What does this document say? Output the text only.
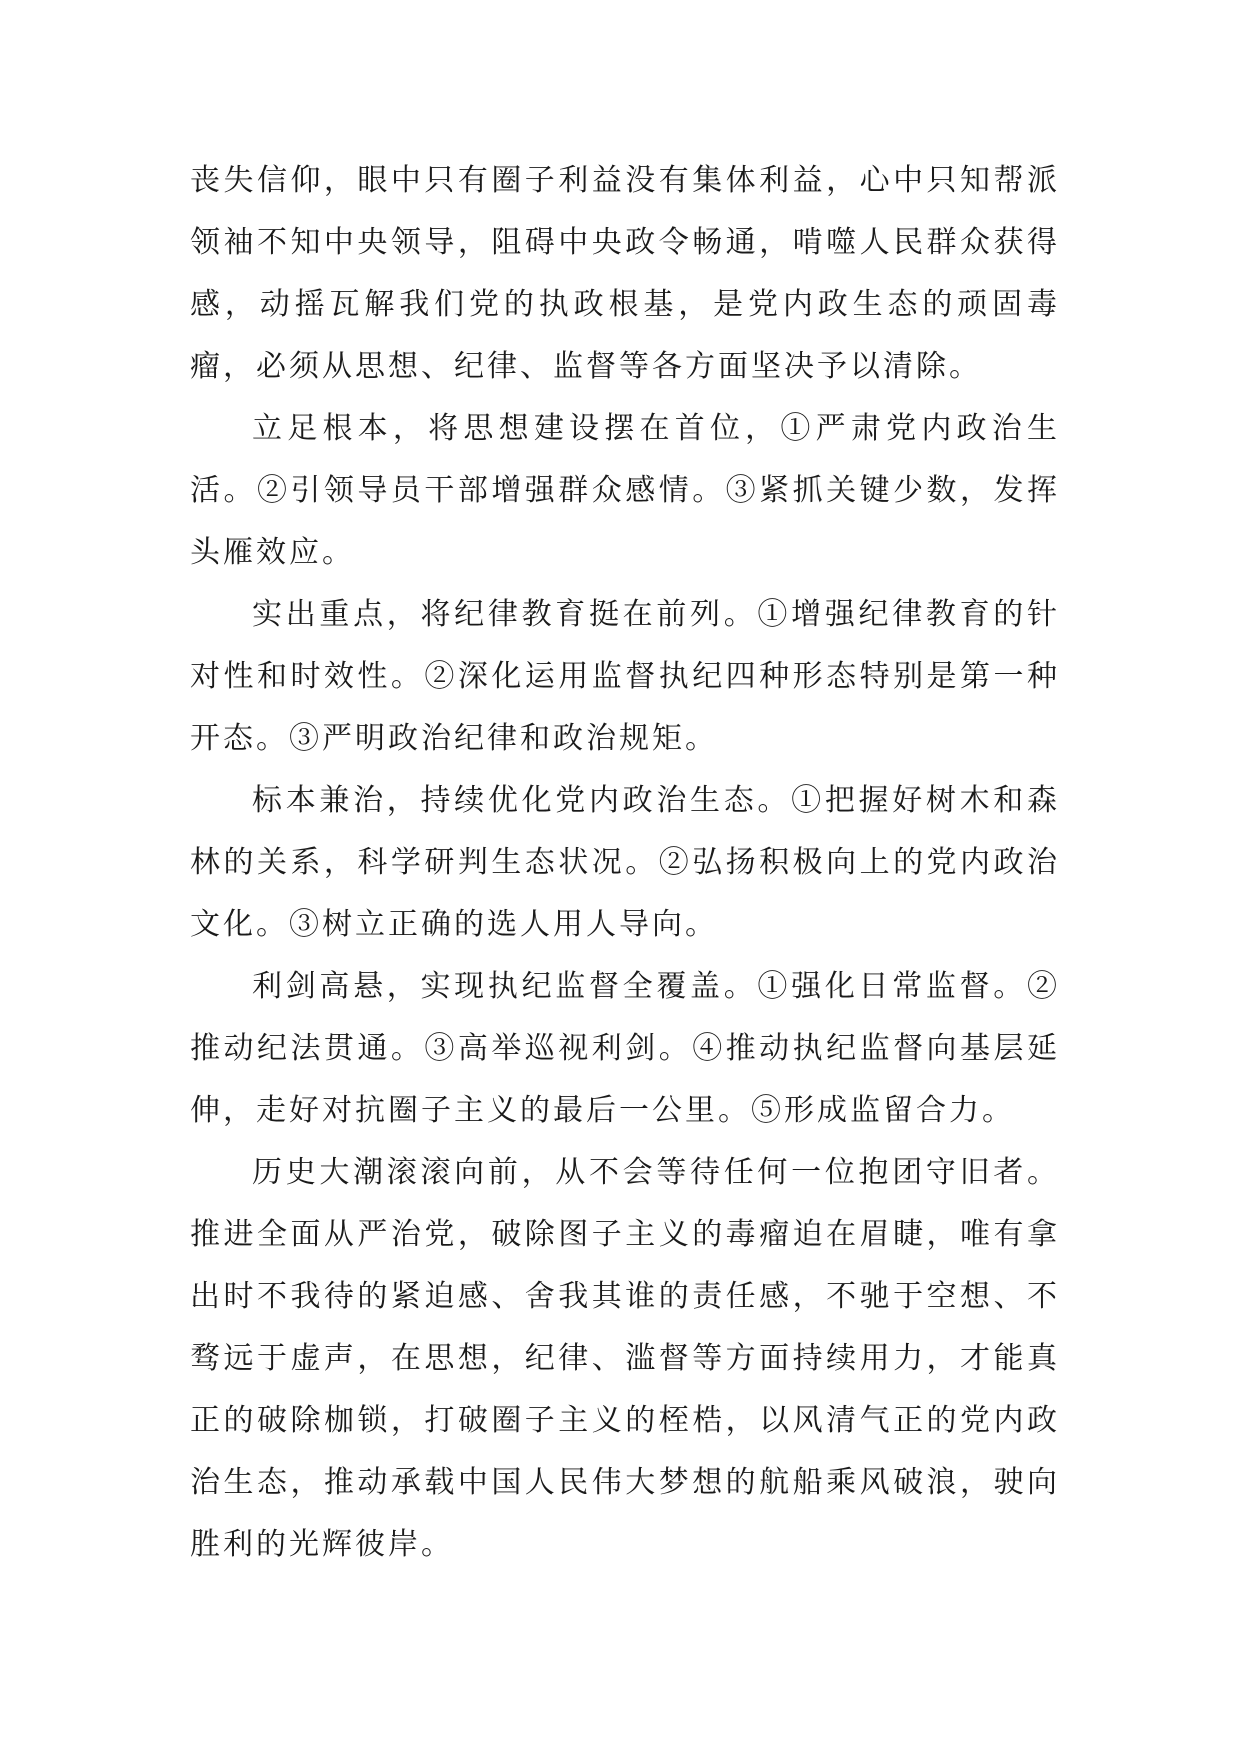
丧失信仰，眼中只有圈子利益没有集体利益，心中只知帮派领袖不知中央领导，阻碍中央政令畅通，啃噬人民群众获得感，动摇瓦解我们党的执政根基，是党内政生态的顽固毒瘤，必须从思想、纪律、监督等各方面坚决予以清除。

立足根本，将思想建设摆在首位，①严肃党内政治生活。②引领导员干部增强群众感情。③紧抓关键少数，发挥头雁效应。

实出重点，将纪律教育挺在前列。①增强纪律教育的针对性和时效性。②深化运用监督执纪四种形态特别是第一种开态。③严明政治纪律和政治规矩。

标本兼治，持续优化党内政治生态。①把握好树木和森林的关系，科学研判生态状况。②弘扬积极向上的党内政治文化。③树立正确的选人用人导向。

利剑高悬，实现执纪监督全覆盖。①强化日常监督。②推动纪法贯通。③高举巡视利剑。④推动执纪监督向基层延伸，走好对抗圈子主义的最后一公里。⑤形成监留合力。

历史大潮滚滚向前，从不会等待任何一位抱团守旧者。推进全面从严治党，破除图子主义的毒瘤迫在眉睫，唯有拿出时不我待的紧迫感、舍我其谁的责任感，不驰于空想、不骛远于虚声，在思想，纪律、滥督等方面持续用力，才能真正的破除枷锁，打破圈子主义的桎梏，以风清气正的党内政治生态，推动承载中国人民伟大梦想的航船乘风破浪，驶向胜利的光辉彼岸。
